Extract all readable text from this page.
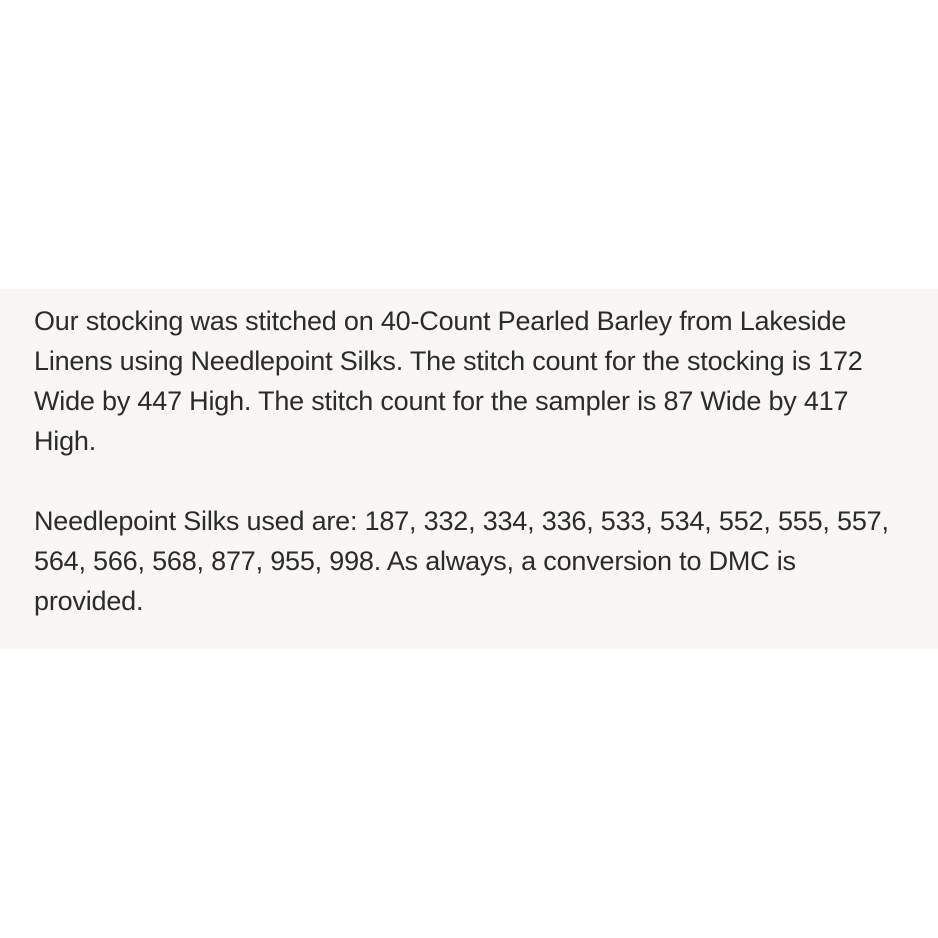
Our stocking was stitched on 40-Count Pearled Barley from Lakeside Linens using Needlepoint Silks. The stitch count for the stocking is 172 Wide by 447 High. The stitch count for the sampler is 87 Wide by 417 High.

Needlepoint Silks used are: 187, 332, 334, 336, 533, 534, 552, 555, 557, 564, 566, 568, 877, 955, 998. As always, a conversion to DMC is provided.
